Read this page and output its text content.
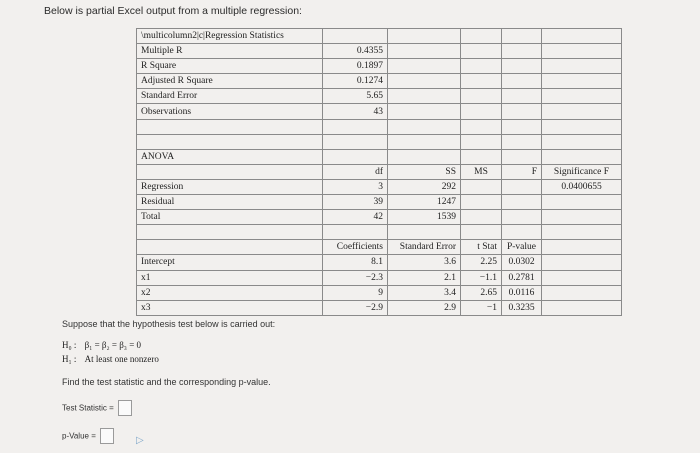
Below is partial Excel output from a multiple regression:
\multicolumn2|c|Regression Statistics					
Multiple R	0.4355				
R Square	0.1897				
Adjusted R Square	0.1274				
Standard Error	5.65				
Observations	43				

ANOVA					
	df	SS	MS	F	Significance F
Regression	3	292			0.0400655
Residual	39	1247			
Total	42	1539			

	Coefficients	Standard Error	t Stat	P-value	
Intercept	8.1	3.6	2.25	0.0302	
x1	−2.3	2.1	−1.1	0.2781	
x2	9	3.4	2.65	0.0116	
x3	−2.9	2.9	−1	0.3235	
Suppose that the hypothesis test below is carried out:
H₀ : β₁ = β₂ = β₃ = 0
H₁ : At least one nonzero
Find the test statistic and the corresponding p-value.
Test Statistic =
p-Value =	▷
